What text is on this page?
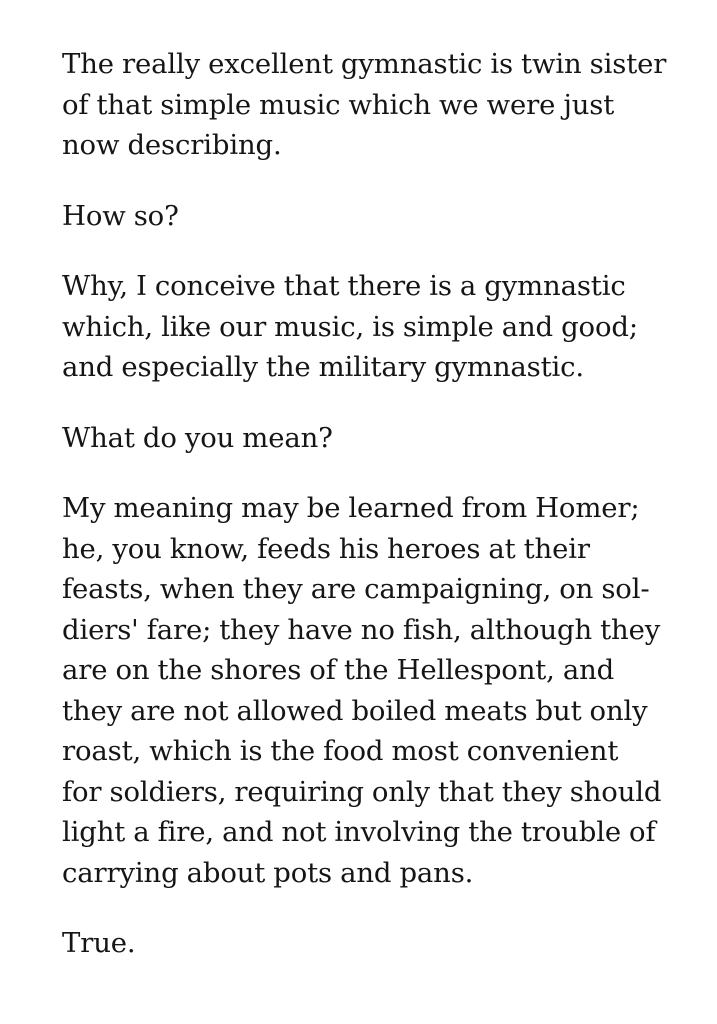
The really excellent gymnastic is twin sister
of that simple music which we were just
now describing.

How so?

Why, I conceive that there is a gymnastic
which, like our music, is simple and good;
and especially the military gymnastic.

What do you mean?

My meaning may be learned from Homer;
he, you know, feeds his heroes at their
feasts, when they are campaigning, on sol-
diers' fare; they have no fish, although they
are on the shores of the Hellespont, and
they are not allowed boiled meats but only
roast, which is the food most convenient
for soldiers, requiring only that they should
light a fire, and not involving the trouble of
carrying about pots and pans.

True.
